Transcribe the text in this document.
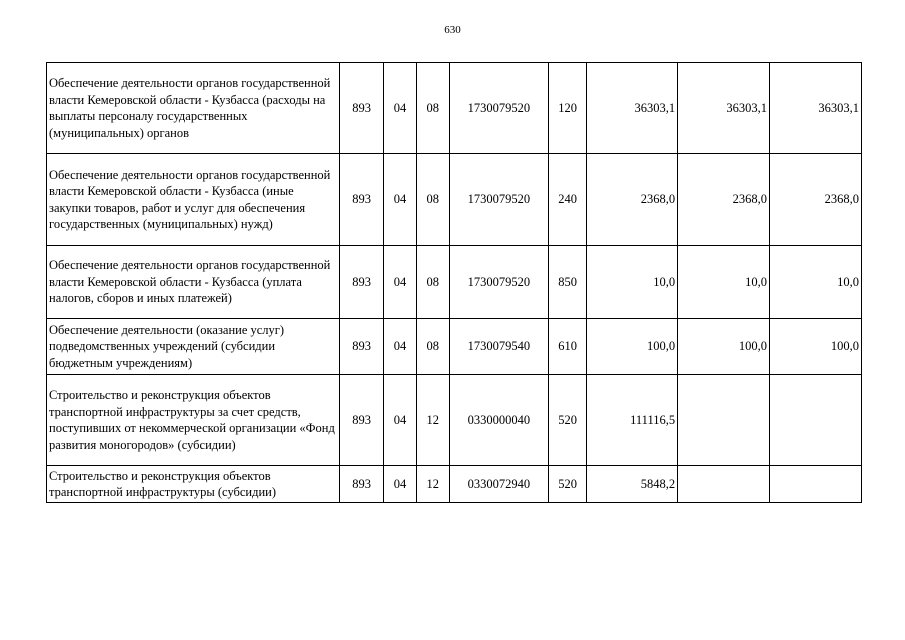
630
Обеспечение деятельности органов государственной власти Кемеровской области - Кузбасса (расходы на выплаты персоналу государственных (муниципальных) органов	893	04	08	1730079520	120	36303,1	36303,1	36303,1
Обеспечение деятельности органов государственной власти Кемеровской области - Кузбасса (иные закупки товаров, работ и услуг для обеспечения государственных (муниципальных) нужд)	893	04	08	1730079520	240	2368,0	2368,0	2368,0
Обеспечение деятельности органов государственной власти Кемеровской области - Кузбасса (уплата налогов, сборов и иных платежей)	893	04	08	1730079520	850	10,0	10,0	10,0
Обеспечение деятельности (оказание услуг) подведомственных учреждений (субсидии бюджетным учреждениям)	893	04	08	1730079540	610	100,0	100,0	100,0
Строительство и реконструкция объектов транспортной инфраструктуры за счет средств, поступивших от некоммерческой организации «Фонд развития моногородов» (субсидии)	893	04	12	0330000040	520	111116,5		
Строительство и реконструкция объектов транспортной инфраструктуры (субсидии)	893	04	12	0330072940	520	5848,2		
